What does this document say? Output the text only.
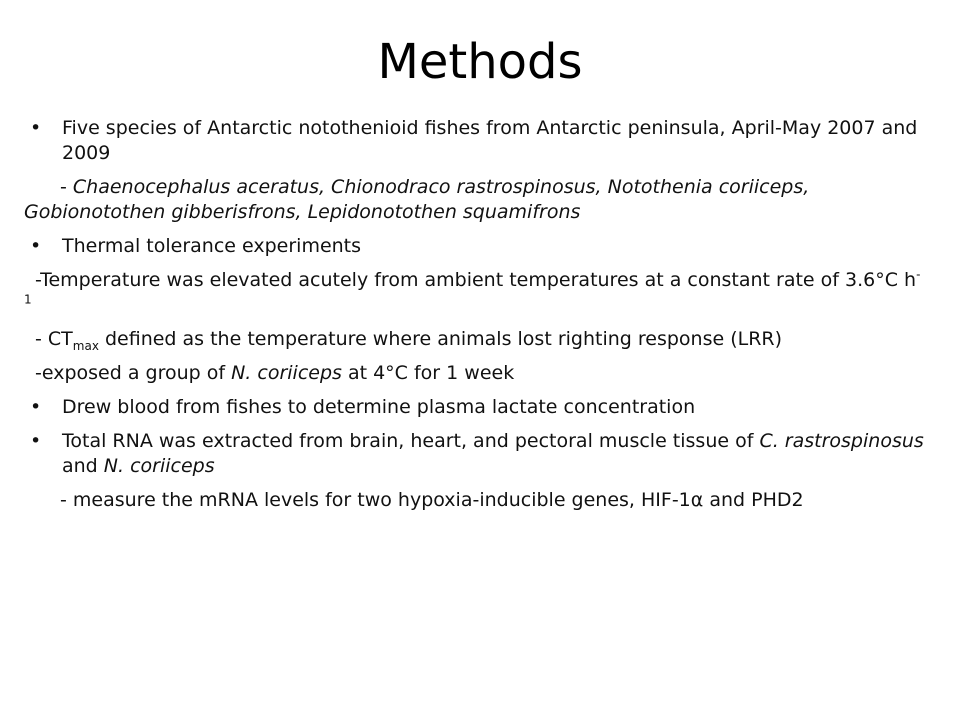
Methods
• Five species of Antarctic notothenioid fishes from Antarctic peninsula, April-May 2007 and 2009
- Chaenocephalus aceratus, Chionodraco rastrospinosus, Notothenia coriiceps, Gobionotothen gibberisfrons, Lepidonotothen squamifrons
• Thermal tolerance experiments
-Temperature was elevated acutely from ambient temperatures at a constant rate of 3.6°C $h^{-1}$
- $CT_{max}$ defined as the temperature where animals lost righting response (LRR)
-exposed a group of N. coriiceps at 4°C for 1 week
• Drew blood from fishes to determine plasma lactate concentration
• Total RNA was extracted from brain, heart, and pectoral muscle tissue of C. rastrospinosus and N. coriiceps
- measure the mRNA levels for two hypoxia-inducible genes, HIF-1α and PHD2
